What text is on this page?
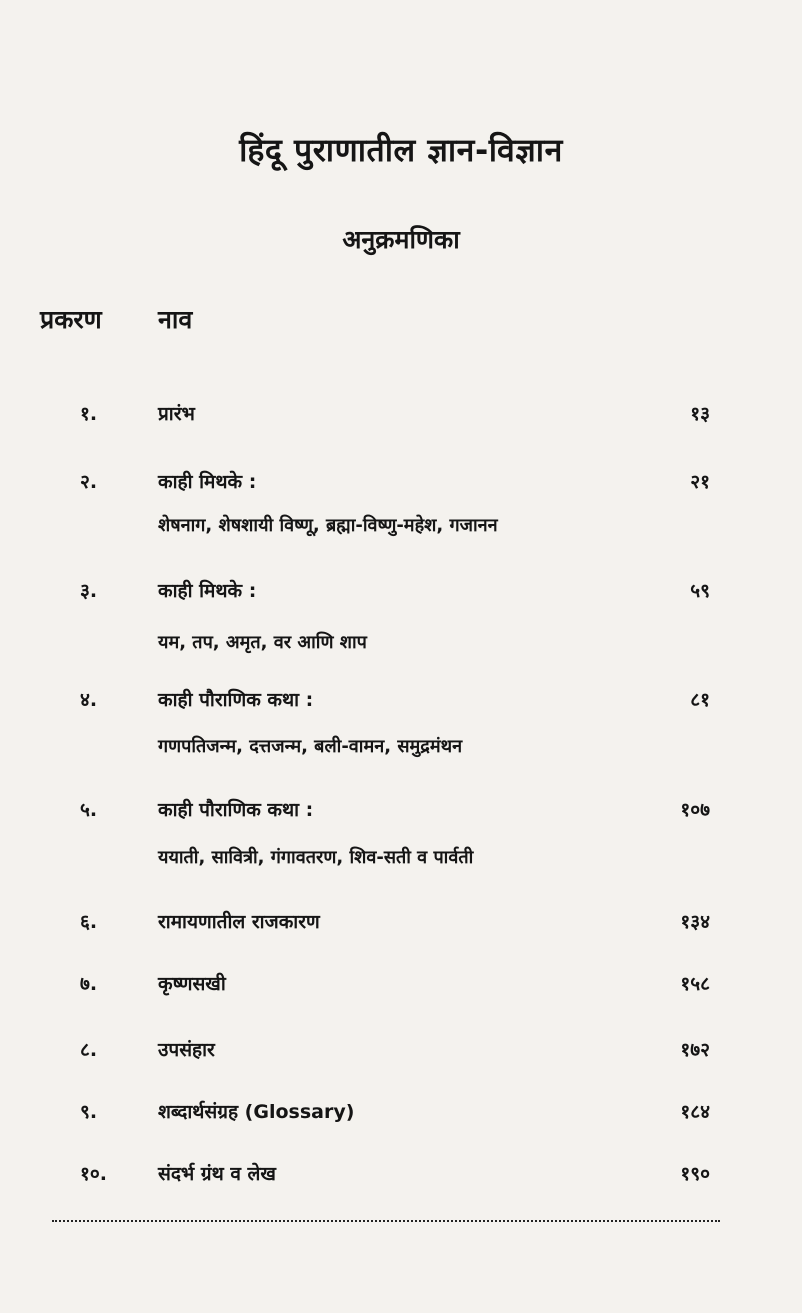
हिंदू पुराणातील ज्ञान-विज्ञान
अनुक्रमणिका
प्रकरण नाव
१.	प्रारंभ	१३
२.	काही मिथके :	२१
शेषनाग, शेषशायी विष्णू, ब्रह्मा-विष्णु-महेश, गजानन
३.	काही मिथके :	५९
यम, तप, अमृत, वर आणि शाप
४.	काही पौराणिक कथा :	८१
गणपतिजन्म, दत्तजन्म, बली-वामन, समुद्रमंथन
५.	काही पौराणिक कथा :	१०७
ययाती, सावित्री, गंगावतरण, शिव-सती व पार्वती
६.	रामायणातील राजकारण	१३४
७.	कृष्णसखी	१५८
८.	उपसंहार	१७२
९.	शब्दार्थसंग्रह (Glossary)	१८४
१०.	संदर्भ ग्रंथ व लेख	१९०
